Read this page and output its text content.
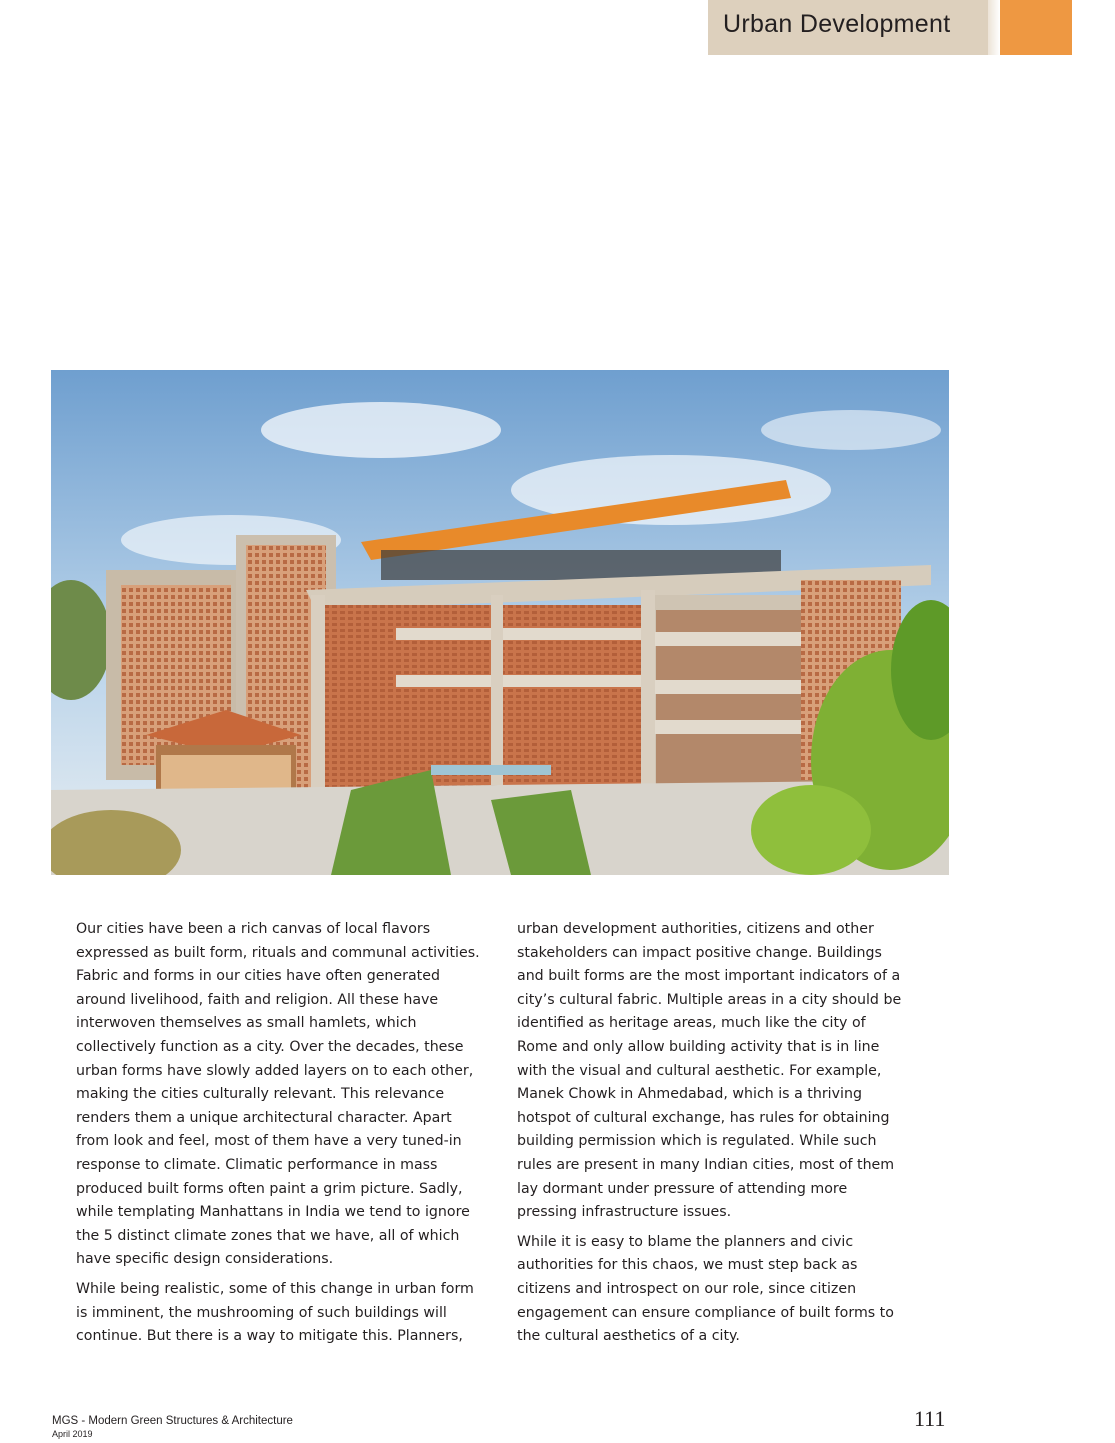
Urban Development

Our cities have been a rich canvas of local flavors expressed as built form, rituals and communal activities. Fabric and forms in our cities have often generated around livelihood, faith and religion. All these have interwoven themselves as small hamlets, which collectively function as a city. Over the decades, these urban forms have slowly added layers on to each other, making the cities culturally relevant. This relevance renders them a unique architectural character. Apart from look and feel, most of them have a very tuned-in response to climate. Climatic performance in mass produced built forms often paint a grim picture. Sadly, while templating Manhattans in India we tend to ignore the 5 distinct climate zones that we have, all of which have specific design considerations.

While being realistic, some of this change in urban form is imminent, the mushrooming of such buildings will continue. But there is a way to mitigate this. Planners,

urban development authorities, citizens and other stakeholders can impact positive change. Buildings and built forms are the most important indicators of a city’s cultural fabric. Multiple areas in a city should be identified as heritage areas, much like the city of Rome and only allow building activity that is in line with the visual and cultural aesthetic. For example, Manek Chowk in Ahmedabad, which is a thriving hotspot of cultural exchange, has rules for obtaining building permission which is regulated. While such rules are present in many Indian cities, most of them lay dormant under pressure of attending more pressing infrastructure issues.

While it is easy to blame the planners and civic authorities for this chaos, we must step back as citizens and introspect on our role, since citizen engagement can ensure compliance of built forms to the cultural aesthetics of a city.

MGS - Modern Green Structures & Architecture
April 2019
111
